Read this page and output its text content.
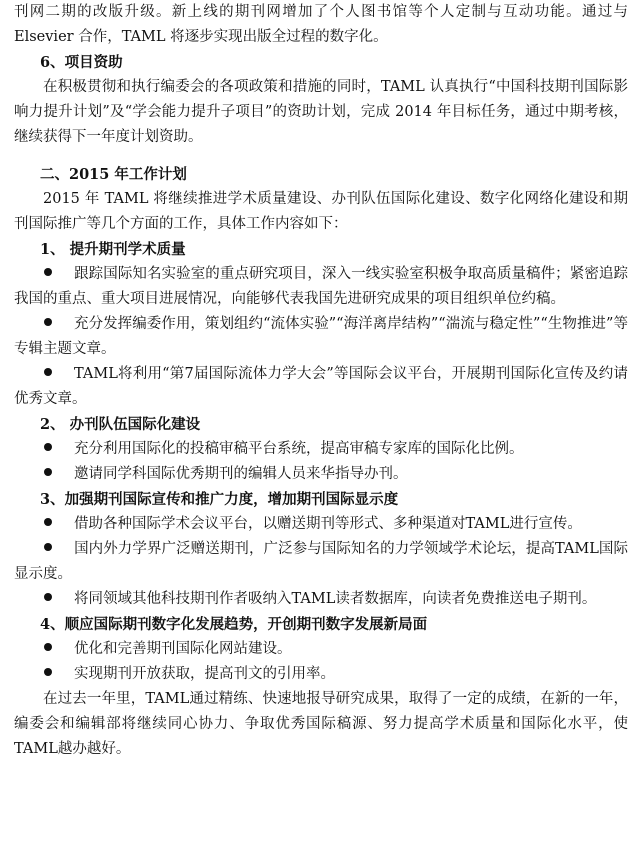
刊网二期的改版升级。新上线的期刊网增加了个人图书馆等个人定制与互动功能。通过与Elsevier 合作，TAML 将逐步实现出版全过程的数字化。

6、项目资助

在积极贯彻和执行编委会的各项政策和措施的同时，TAML 认真执行“中国科技期刊国际影响力提升计划”及“学会能力提升子项目”的资助计划，完成 2014 年目标任务，通过中期考核，继续获得下一年度计划资助。

二、2015 年工作计划

2015 年 TAML 将继续推进学术质量建设、办刊队伍国际化建设、数字化网络化建设和期刊国际推广等几个方面的工作，具体工作内容如下：

1、 提升期刊学术质量

跟踪国际知名实验室的重点研究项目，深入一线实验室积极争取高质量稿件；紧密追踪我国的重点、重大项目进展情况，向能够代表我国先进研究成果的项目组织单位约稿。

充分发挥编委作用，策划组约“流体实验”“海洋离岸结构”“湍流与稳定性”“生物推进”等专辑主题文章。

TAML将利用“第7届国际流体力学大会”等国际会议平台，开展期刊国际化宣传及约请优秀文章。

2、 办刊队伍国际化建设

充分利用国际化的投稿审稿平台系统，提高审稿专家库的国际化比例。

邀请同学科国际优秀期刊的编辑人员来华指导办刊。

3、加强期刊国际宣传和推广力度，增加期刊国际显示度

借助各种国际学术会议平台，以赠送期刊等形式、多种渠道对TAML进行宣传。

国内外力学界广泛赠送期刊，广泛参与国际知名的力学领域学术论坛，提高TAML国际显示度。

将同领域其他科技期刊作者吸纳入TAML读者数据库，向读者免费推送电子期刊。

4、顺应国际期刊数字化发展趋势，开创期刊数字发展新局面

优化和完善期刊国际化网站建设。

实现期刊开放获取，提高刊文的引用率。

在过去一年里，TAML通过精练、快速地报导研究成果，取得了一定的成绩，在新的一年，编委会和编辑部将继续同心协力、争取优秀国际稿源、努力提高学术质量和国际化水平，使TAML越办越好。
